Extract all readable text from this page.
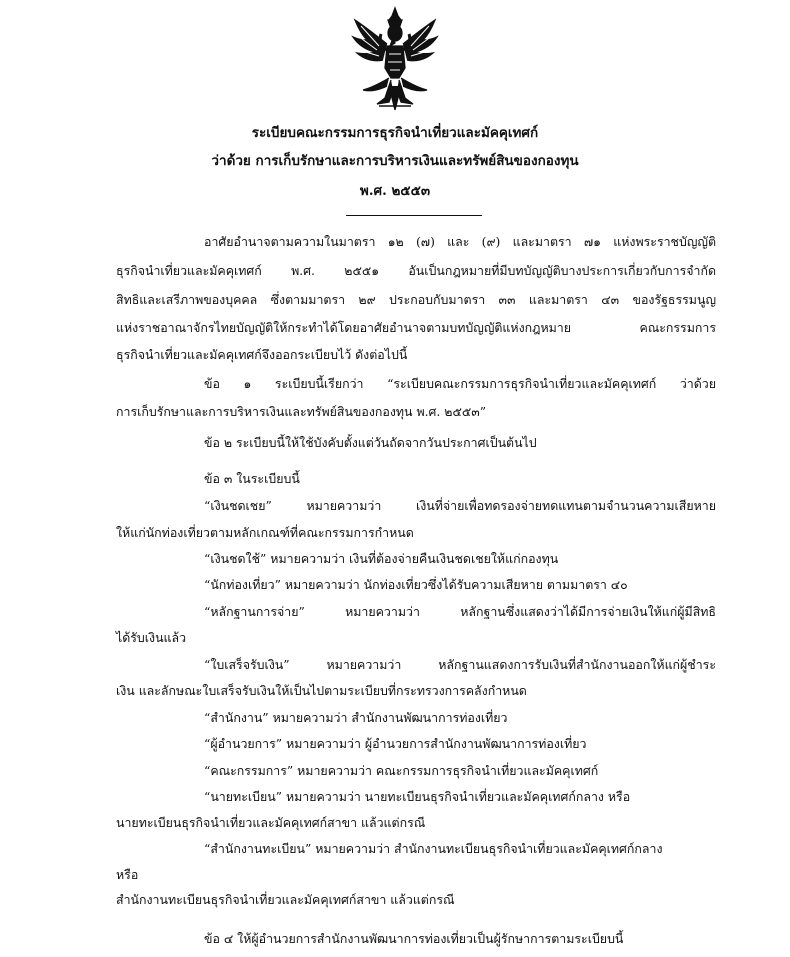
ระเบียบคณะกรรมการธุรกิจนำเที่ยวและมัคคุเทศก์
ว่าด้วย การเก็บรักษาและการบริหารเงินและทรัพย์สินของกองทุน
พ.ศ. ๒๕๕๓
อาศัยอำนาจตามความในมาตรา ๑๒ (๗) และ (๙) และมาตรา ๗๑ แห่งพระราชบัญญัติ
ธุรกิจนำเที่ยวและมัคคุเทศก์ พ.ศ. ๒๕๕๑ อันเป็นกฎหมายที่มีบทบัญญัติบางประการเกี่ยวกับการจำกัด
สิทธิและเสรีภาพของบุคคล ซึ่งตามมาตรา ๒๙ ประกอบกับมาตรา ๓๓ และมาตรา ๔๓ ของรัฐธรรมนูญ
แห่งราชอาณาจักรไทยบัญญัติให้กระทำได้โดยอาศัยอำนาจตามบทบัญญัติแห่งกฎหมาย คณะกรรมการ
ธุรกิจนำเที่ยวและมัคคุเทศก์จึงออกระเบียบไว้ ดังต่อไปนี้
ข้อ ๑ ระเบียบนี้เรียกว่า “ระเบียบคณะกรรมการธุรกิจนำเที่ยวและมัคคุเทศก์ ว่าด้วย
การเก็บรักษาและการบริหารเงินและทรัพย์สินของกองทุน พ.ศ. ๒๕๕๓”
ข้อ ๒ ระเบียบนี้ให้ใช้บังคับตั้งแต่วันถัดจากวันประกาศเป็นต้นไป
ข้อ ๓ ในระเบียบนี้
“เงินชดเชย” หมายความว่า เงินที่จ่ายเพื่อทดรองจ่ายทดแทนตามจำนวนความเสียหาย
ให้แก่นักท่องเที่ยวตามหลักเกณฑ์ที่คณะกรรมการกำหนด
“เงินชดใช้” หมายความว่า เงินที่ต้องจ่ายคืนเงินชดเชยให้แก่กองทุน
“นักท่องเที่ยว” หมายความว่า นักท่องเที่ยวซึ่งได้รับความเสียหาย ตามมาตรา ๔๐
“หลักฐานการจ่าย” หมายความว่า หลักฐานซึ่งแสดงว่าได้มีการจ่ายเงินให้แก่ผู้มีสิทธิ
ได้รับเงินแล้ว
“ใบเสร็จรับเงิน” หมายความว่า หลักฐานแสดงการรับเงินที่สำนักงานออกให้แก่ผู้ชำระ
เงิน และลักษณะใบเสร็จรับเงินให้เป็นไปตามระเบียบที่กระทรวงการคลังกำหนด
“สำนักงาน” หมายความว่า สำนักงานพัฒนาการท่องเที่ยว
“ผู้อำนวยการ” หมายความว่า ผู้อำนวยการสำนักงานพัฒนาการท่องเที่ยว
“คณะกรรมการ” หมายความว่า คณะกรรมการธุรกิจนำเที่ยวและมัคคุเทศก์
“นายทะเบียน” หมายความว่า นายทะเบียนธุรกิจนำเที่ยวและมัคคุเทศก์กลาง หรือ
นายทะเบียนธุรกิจนำเที่ยวและมัคคุเทศก์สาขา แล้วแต่กรณี
“สำนักงานทะเบียน” หมายความว่า สำนักงานทะเบียนธุรกิจนำเที่ยวและมัคคุเทศก์กลาง
หรือ
สำนักงานทะเบียนธุรกิจนำเที่ยวและมัคคุเทศก์สาขา แล้วแต่กรณี
ข้อ ๔ ให้ผู้อำนวยการสำนักงานพัฒนาการท่องเที่ยวเป็นผู้รักษาการตามระเบียบนี้
